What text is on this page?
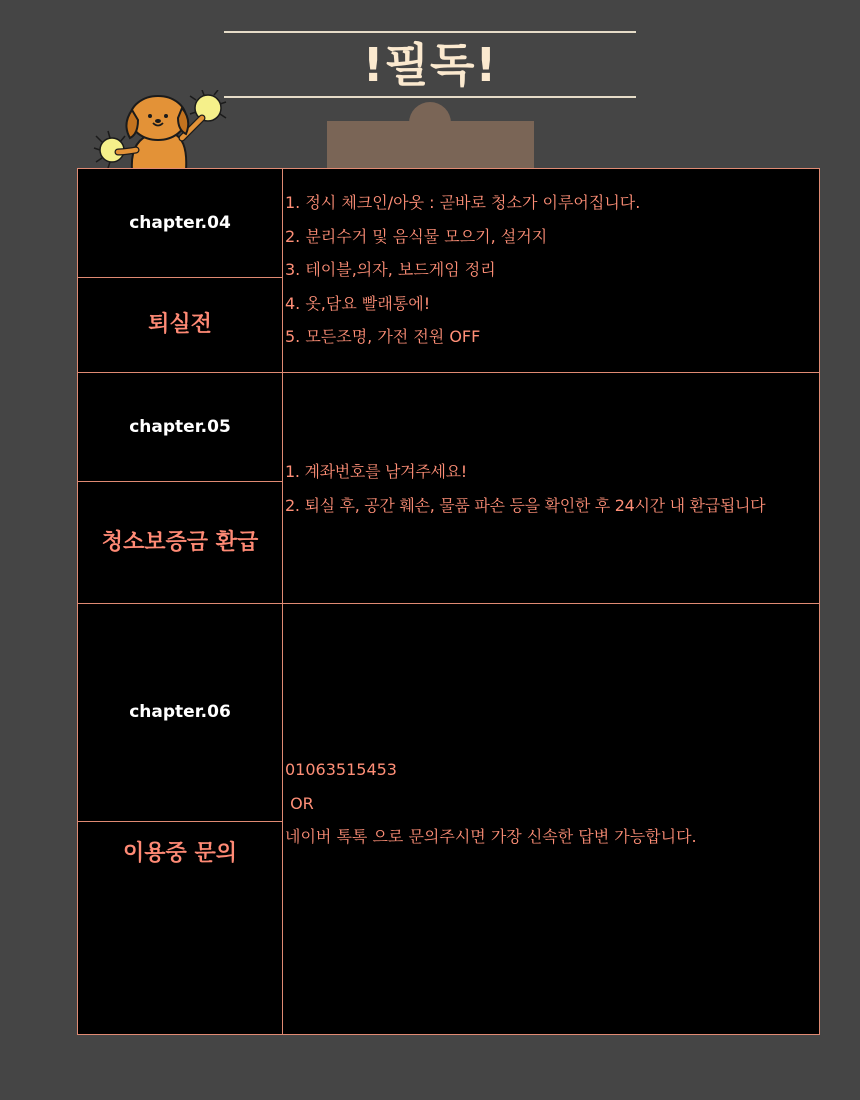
!필독!
chapter.04
퇴실전
1. 정시 체크인/아웃 : 곧바로 청소가 이루어집니다.
2. 분리수거 및 음식물 모으기, 설거지
3. 테이블,의자, 보드게임 정리
4. 옷,담요 빨래통에!
5. 모든조명, 가전 전원 OFF
chapter.05
청소보증금 환급
1. 계좌번호를 남겨주세요!
2. 퇴실 후, 공간 훼손, 물품 파손 등을 확인한 후 24시간 내 환급됩니다
chapter.06
이용중 문의
01063515453
OR
네이버 톡톡 으로 문의주시면 가장 신속한 답변 가능합니다.
